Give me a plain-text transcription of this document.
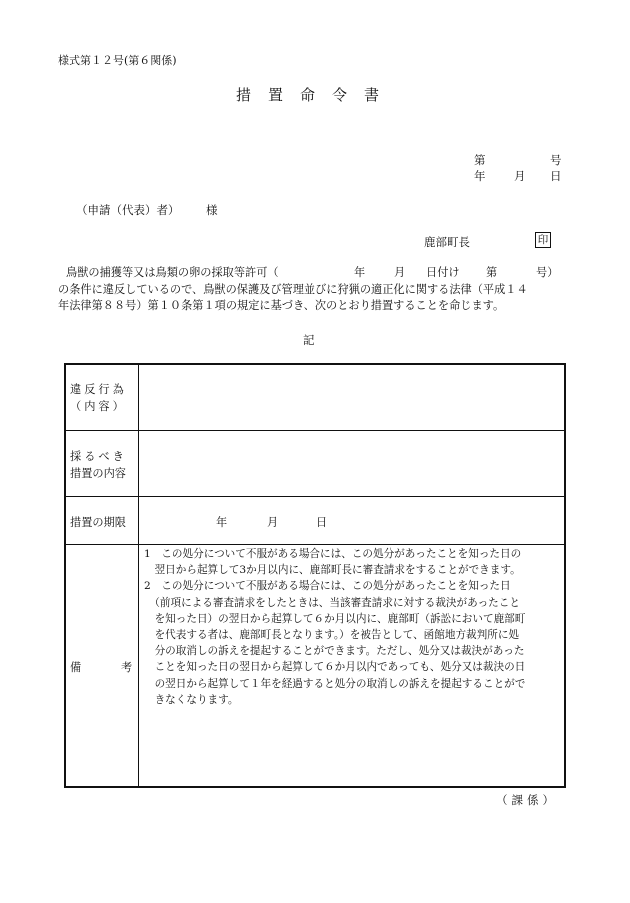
様式第１２号(第６関係)
措置命令書
第	号
年 月 日
（申請（代表）者） 様
鹿部町長	印
鳥獣の捕獲等又は鳥類の卵の採取等許可（	年	月 日付け 第	号）
の条件に違反しているので、鳥獣の保護及び管理並びに狩猟の適正化に関する法律（平成１４
年法律第８８号）第１０条第１項の規定に基づき、次のとおり措置することを命じます。
記
違反行為
（内容）
採るべき
措置の内容
措置の期限	年	月	日
備	考
1　この処分について不服がある場合には、この処分があったことを知った日の
　翌日から起算して3か月以内に、鹿部町長に審査請求をすることができます。
2　この処分について不服がある場合には、この処分があったことを知った日
　（前項による審査請求をしたときは、当該審査請求に対する裁決があったこと
　を知った日）の翌日から起算して６か月以内に、鹿部町（訴訟において鹿部町
　を代表する者は、鹿部町長となります。）を被告として、函館地方裁判所に処
　分の取消しの訴えを提起することができます。ただし、処分又は裁決があった
　ことを知った日の翌日から起算して６か月以内であっても、処分又は裁決の日
　の翌日から起算して１年を経過すると処分の取消しの訴えを提起することがで
　きなくなります。
（課係）
